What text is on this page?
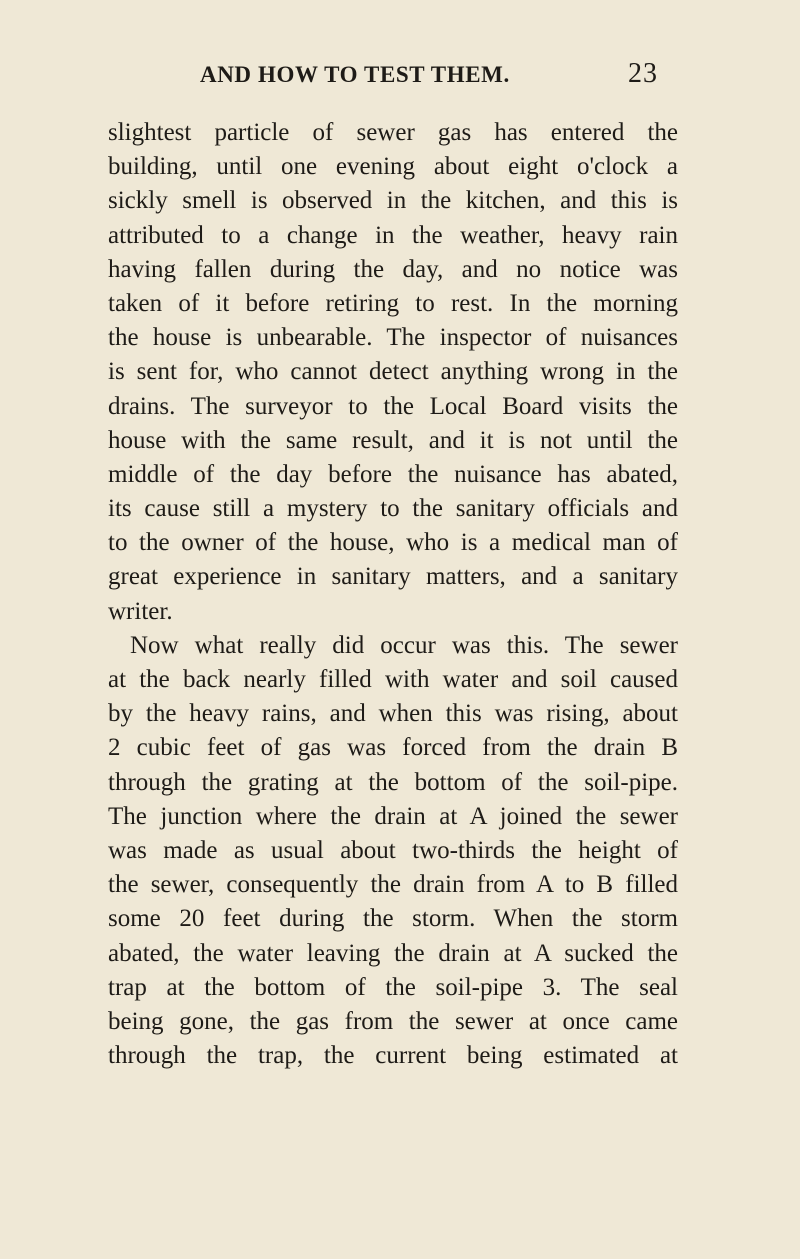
AND HOW TO TEST THEM.	23
slightest particle of sewer gas has entered the
building, until one evening about eight o'clock a
sickly smell is observed in the kitchen, and this is
attributed to a change in the weather, heavy rain
having fallen during the day, and no notice was
taken of it before retiring to rest. In the morning
the house is unbearable. The inspector of nuisances
is sent for, who cannot detect anything wrong in the
drains. The surveyor to the Local Board visits the
house with the same result, and it is not until the
middle of the day before the nuisance has abated,
its cause still a mystery to the sanitary officials and
to the owner of the house, who is a medical man of
great experience in sanitary matters, and a sanitary
writer.
Now what really did occur was this. The sewer
at the back nearly filled with water and soil caused
by the heavy rains, and when this was rising, about
2 cubic feet of gas was forced from the drain B
through the grating at the bottom of the soil-pipe.
The junction where the drain at A joined the sewer
was made as usual about two-thirds the height of
the sewer, consequently the drain from A to B filled
some 20 feet during the storm. When the storm
abated, the water leaving the drain at A sucked the
trap at the bottom of the soil-pipe 3. The seal
being gone, the gas from the sewer at once came
through the trap, the current being estimated at
